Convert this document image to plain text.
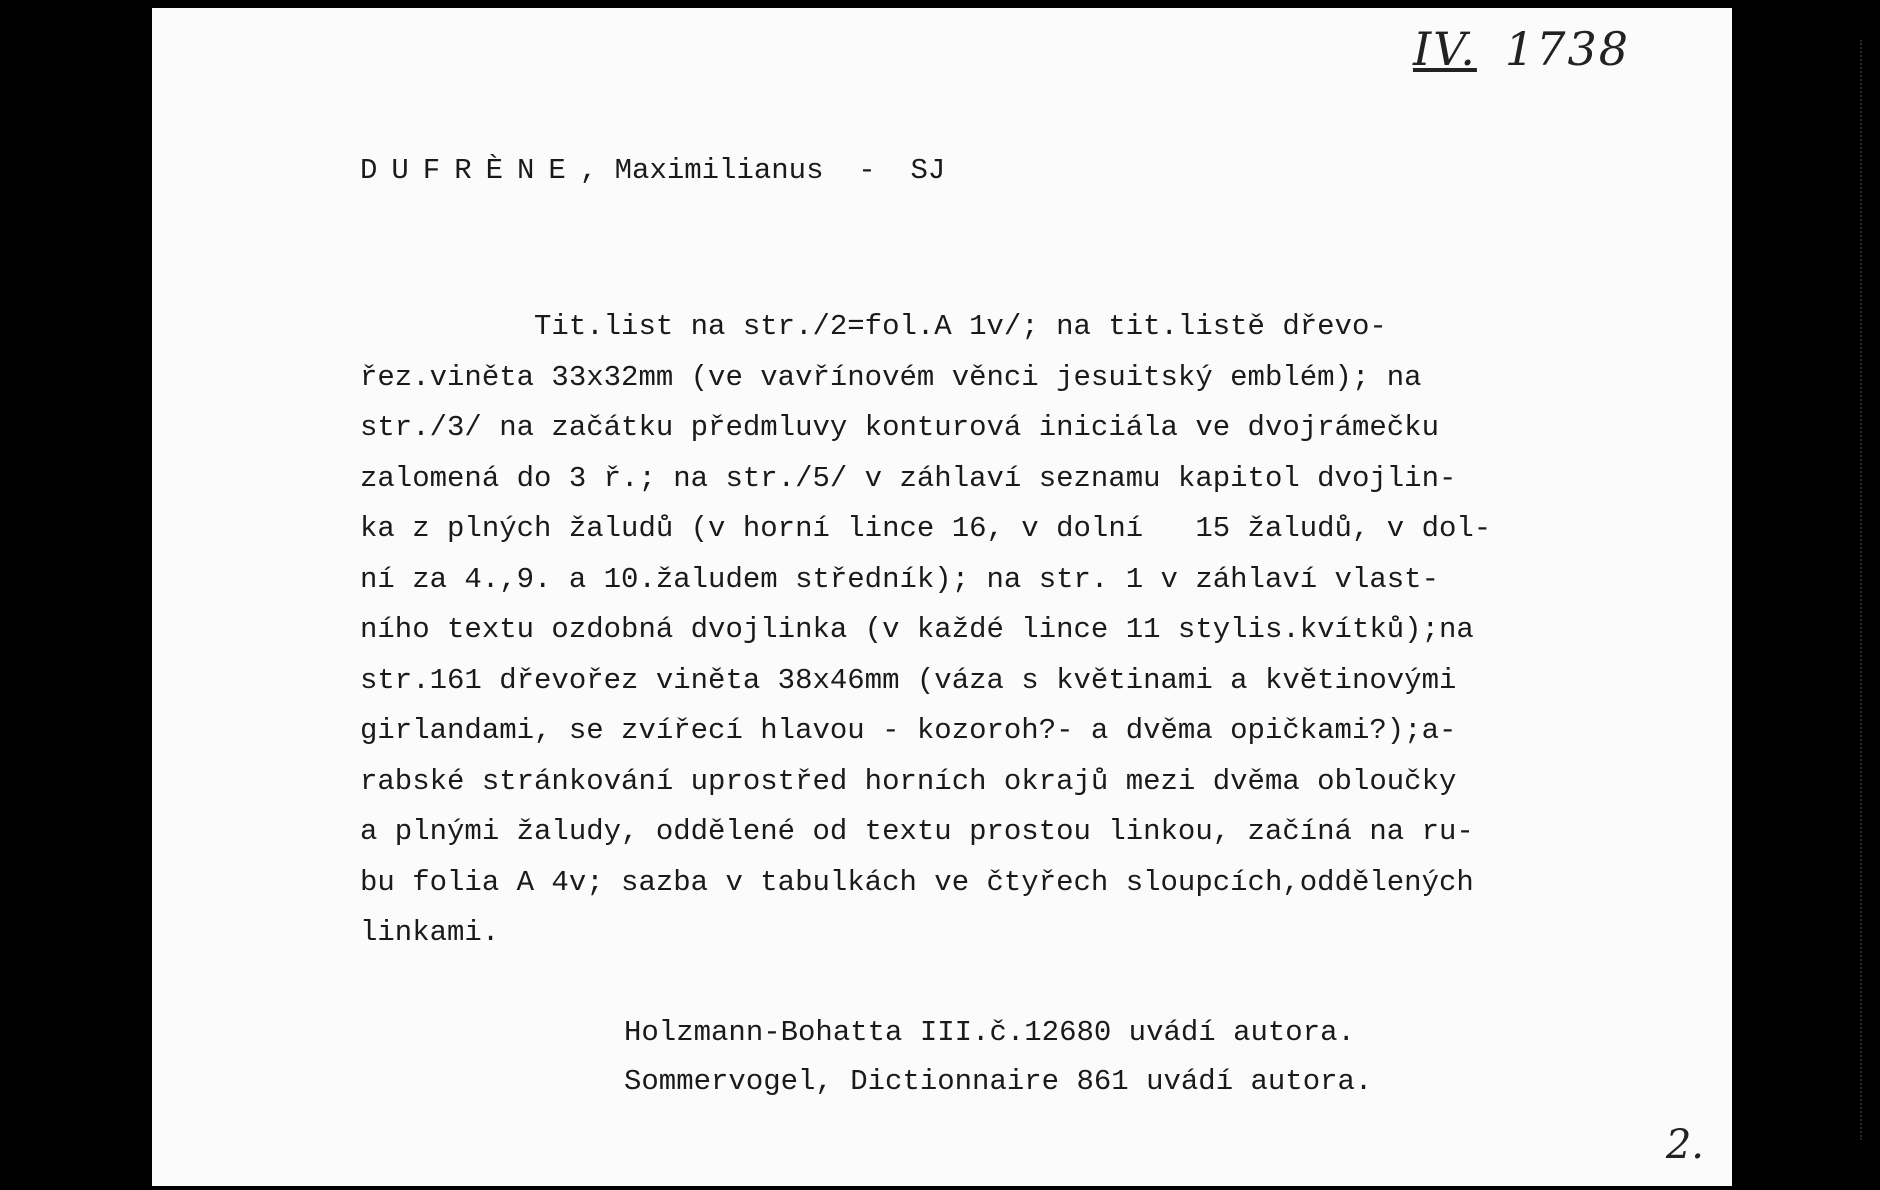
IV. 1738
DUFRÈNE, Maximilianus  -  SJ
Tit.list na str./2=fol.A 1v/; na tit.listě dřevo-
řez.viněta 33x32mm (ve vavřínovém věnci jesuitský emblém); na
str./3/ na začátku předmluvy konturová iniciála ve dvojrámečku
zalomená do 3 ř.; na str./5/ v záhlaví seznamu kapitol dvojlin-
ka z plných žaludů (v horní lince 16, v dolní   15 žaludů, v dol-
ní za 4.,9. a 10.žaludem středník); na str. 1 v záhlaví vlast-
ního textu ozdobná dvojlinka (v každé lince 11 stylis.kvítků);na
str.161 dřevořez viněta 38x46mm (váza s květinami a květinovými
girlandami, se zvířecí hlavou - kozoroh?- a dvěma opičkami?);a-
rabské stránkování uprostřed horních okrajů mezi dvěma obloučky
a plnými žaludy, oddělené od textu prostou linkou, začíná na ru-
bu folia A 4v; sazba v tabulkách ve čtyřech sloupcích,oddělených
linkami.
Holzmann-Bohatta III.č.12680 uvádí autora.
Sommervogel, Dictionnaire 861 uvádí autora.
2.
